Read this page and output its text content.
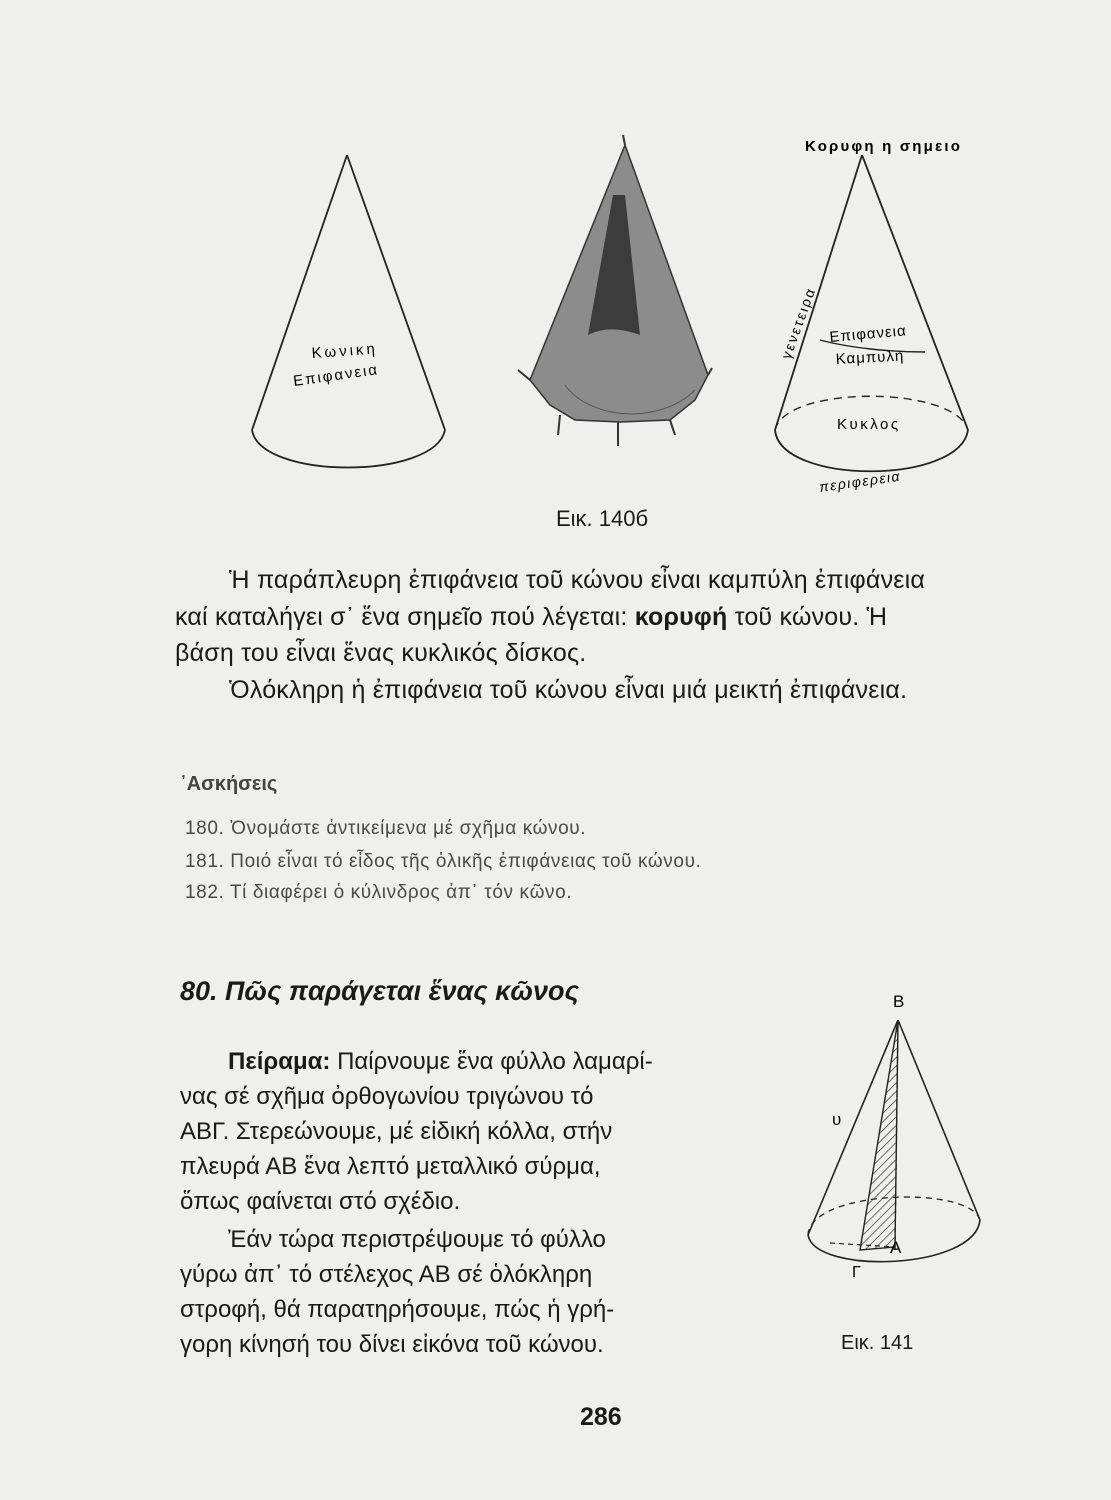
Κωνικη
Επιφανεια
Κορυφη η σημειο
γενετειρα Επιφανεια
Καμπυλη
Κυκλος
περιφερεια
Εικ. 140б
Ἡ παράπλευρη ἐπιφάνεια τοῦ κώνου εἶναι καμπύλη ἐπιφάνεια
καί καταλήγει σ᾿ ἕνα σημεῖο πού λέγεται: κορυφή τοῦ κώνου. Ἡ
βάση του εἶναι ἕνας κυκλικός δίσκος.
Ὁλόκληρη ἡ ἐπιφάνεια τοῦ κώνου εἶναι μιά μεικτή ἐπιφάνεια.
᾿Ασκήσεις
180. Ὀνομάστε ἀντικείμενα μέ σχῆμα κώνου.
181. Ποιό εἶναι τό εἶδος τῆς ὁλικῆς ἐπιφάνειας τοῦ κώνου.
182. Τί διαφέρει ὁ κύλινδρος ἀπ᾿ τόν κῶνο.
80. Πῶς παράγεται ἕνας κῶνος
Πείραμα: Παίρνουμε ἕνα φύλλο λαμαρί-
νας σέ σχῆμα ὀρθογωνίου τριγώνου τό
ΑΒΓ. Στερεώνουμε, μέ εἰδική κόλλα, στήν
πλευρά ΑΒ ἕνα λεπτό μεταλλικό σύρμα,
ὅπως φαίνεται στό σχέδιο.
Ἐάν τώρα περιστρέψουμε τό φύλλο
γύρω ἀπ᾿ τό στέλεχος ΑΒ σέ ὁλόκληρη
στροφή, θά παρατηρήσουμε, πώς ἡ γρή-
γορη κίνησή του δίνει εἰκόνα τοῦ κώνου.
Β
υ
Α
Γ
Εικ. 141
286
